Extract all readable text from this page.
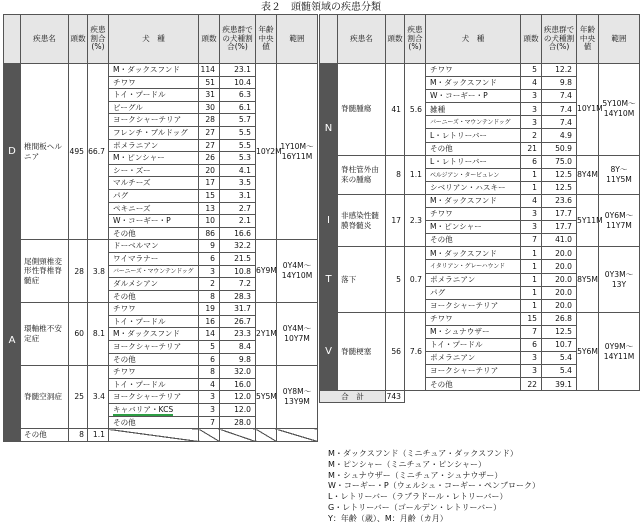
表２　頭髄領域の疾患分類
	疾患名	頭数	疾患割合(%)	犬　種	頭数	疾患群での犬種割合(%)	年齢中央値	範囲
D	椎間板ヘルニア	495	66.7	M・ダックスフンド	114	23.1	10Y2M	1Y10M〜16Y11M
				チワワ	51	10.4		
				トイ・プードル	31	6.3		
				ビーグル	30	6.1		
				ヨークシャーテリア	28	5.7		
				フレンチ・ブルドッグ	27	5.5		
				ポメラニアン	27	5.5		
				M・ピンシャー	26	5.3		
				シー・ズー	20	4.1		
				マルチーズ	17	3.5		
				パグ	15	3.1		
				ペキニーズ	13	2.7		
				W・コーギー・P	10	2.1		
				その他	86	16.6		
A	尾側頸椎変形性脊椎脊髄症	28	3.8	ドーベルマン	9	32.2	6Y9M	0Y4M〜14Y10M
				ワイマラナー	6	21.5		
				バーニーズ・マウンテンドッグ	3	10.8		
				ダルメシアン	2	7.2		
				その他	8	28.3		
	環軸椎不安定症	60	8.1	チワワ	19	31.7	2Y1M	0Y4M〜10Y7M
				トイ・プードル	16	26.7		
				M・ダックスフンド	14	23.3		
				ヨークシャーテリア	5	8.4		
				その他	6	9.8		
	脊髄空洞症	25	3.4	チワワ	8	32.0	5Y5M	0Y8M〜13Y9M
				トイ・プードル	4	16.0		
				ヨークシャーテリア	3	12.0		
				キャバリア・KCS	3	12.0		
				その他	7	28.0		
	その他	8	1.1					
	疾患名	頭数	疾患割合(%)	犬　種	頭数	疾患群での犬種割合(%)	年齢中央値	範囲
N	脊髄腫瘍	41	5.6	チワワ	5	12.2	10Y1M	5Y10M〜14Y10M
				M・ダックスフンド	4	9.8		
				W・コーギー・P	3	7.4		
				雑種	3	7.4		
				バーニーズ・マウンテンドッグ	3	7.4		
				L・レトリーバー	2	4.9		
				その他	21	50.9		
	脊柱管外由来の腫瘍	8	1.1	L・レトリーバー	6	75.0	8Y4M	8Y〜11Y5M
				ベルジアン・タービュレン	1	12.5		
				シベリアン・ハスキー	1	12.5		
I	非感染性髄膜脊髄炎	17	2.3	M・ダックスフンド	4	23.6	5Y11M	0Y6M〜11Y7M
				チワワ	3	17.7		
				M・ピンシャー	3	17.7		
				その他	7	41.0		
T	落下	5	0.7	M・ダックスフンド	1	20.0	8Y5M	0Y3M〜13Y
				イタリアン・グレーハウンド	1	20.0		
				ポメラニアン	1	20.0		
				パグ	1	20.0		
				ヨークシャーテリア	1	20.0		
V	脊髄梗塞	56	7.6	チワワ	15	26.8	5Y6M	0Y9M〜14Y11M
				M・シュナウザー	7	12.5		
				トイ・プードル	6	10.7		
				ポメラニアン	3	5.4		
				ヨークシャーテリア	3	5.4		
				その他	22	39.1		
合　計		743						
M・ダックスフンド（ミニチュア・ダックスフンド）
M・ピンシャー（ミニチュア・ピンシャー）
M・シュナウザー（ミニチュア・シュナウザー）
W・コーギー・P（ウェルシュ・コーギー・ペンブローク）
L・レトリーバー（ラブラドール・レトリーバー）
G・レトリーバー（ゴールデン・レトリーバー）
Y：年齢（歳）、M：月齢（カ月）
